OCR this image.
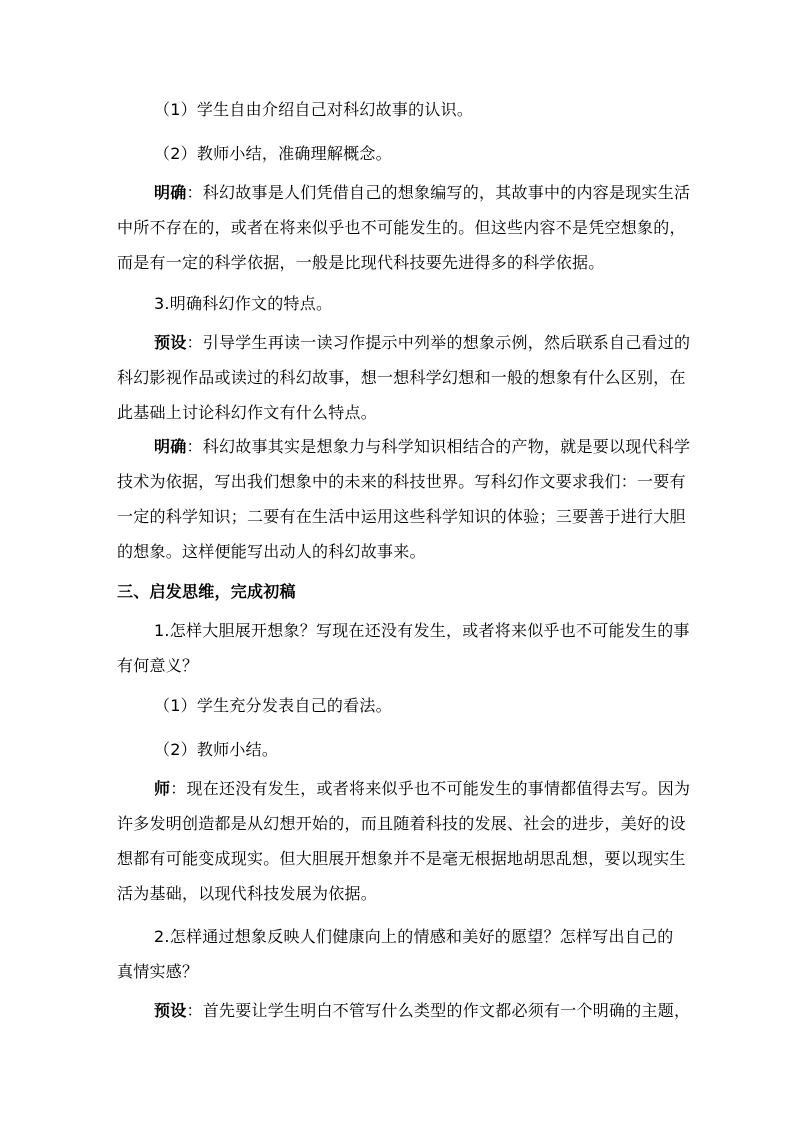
（1）学生自由介绍自己对科幻故事的认识。
（2）教师小结，准确理解概念。
明确：科幻故事是人们凭借自己的想象编写的，其故事中的内容是现实生活
中所不存在的，或者在将来似乎也不可能发生的。但这些内容不是凭空想象的，
而是有一定的科学依据，一般是比现代科技要先进得多的科学依据。
3.明确科幻作文的特点。
预设：引导学生再读一读习作提示中列举的想象示例，然后联系自己看过的
科幻影视作品或读过的科幻故事，想一想科学幻想和一般的想象有什么区别，在
此基础上讨论科幻作文有什么特点。
明确：科幻故事其实是想象力与科学知识相结合的产物，就是要以现代科学
技术为依据，写出我们想象中的未来的科技世界。写科幻作文要求我们：一要有
一定的科学知识；二要有在生活中运用这些科学知识的体验；三要善于进行大胆
的想象。这样便能写出动人的科幻故事来。
三、启发思维，完成初稿
1.怎样大胆展开想象？写现在还没有发生，或者将来似乎也不可能发生的事
有何意义？
（1）学生充分发表自己的看法。
（2）教师小结。
师：现在还没有发生，或者将来似乎也不可能发生的事情都值得去写。因为
许多发明创造都是从幻想开始的，而且随着科技的发展、社会的进步，美好的设
想都有可能变成现实。但大胆展开想象并不是毫无根据地胡思乱想，要以现实生
活为基础，以现代科技发展为依据。
2.怎样通过想象反映人们健康向上的情感和美好的愿望？怎样写出自己的
真情实感？
预设：首先要让学生明白不管写什么类型的作文都必须有一个明确的主题，
